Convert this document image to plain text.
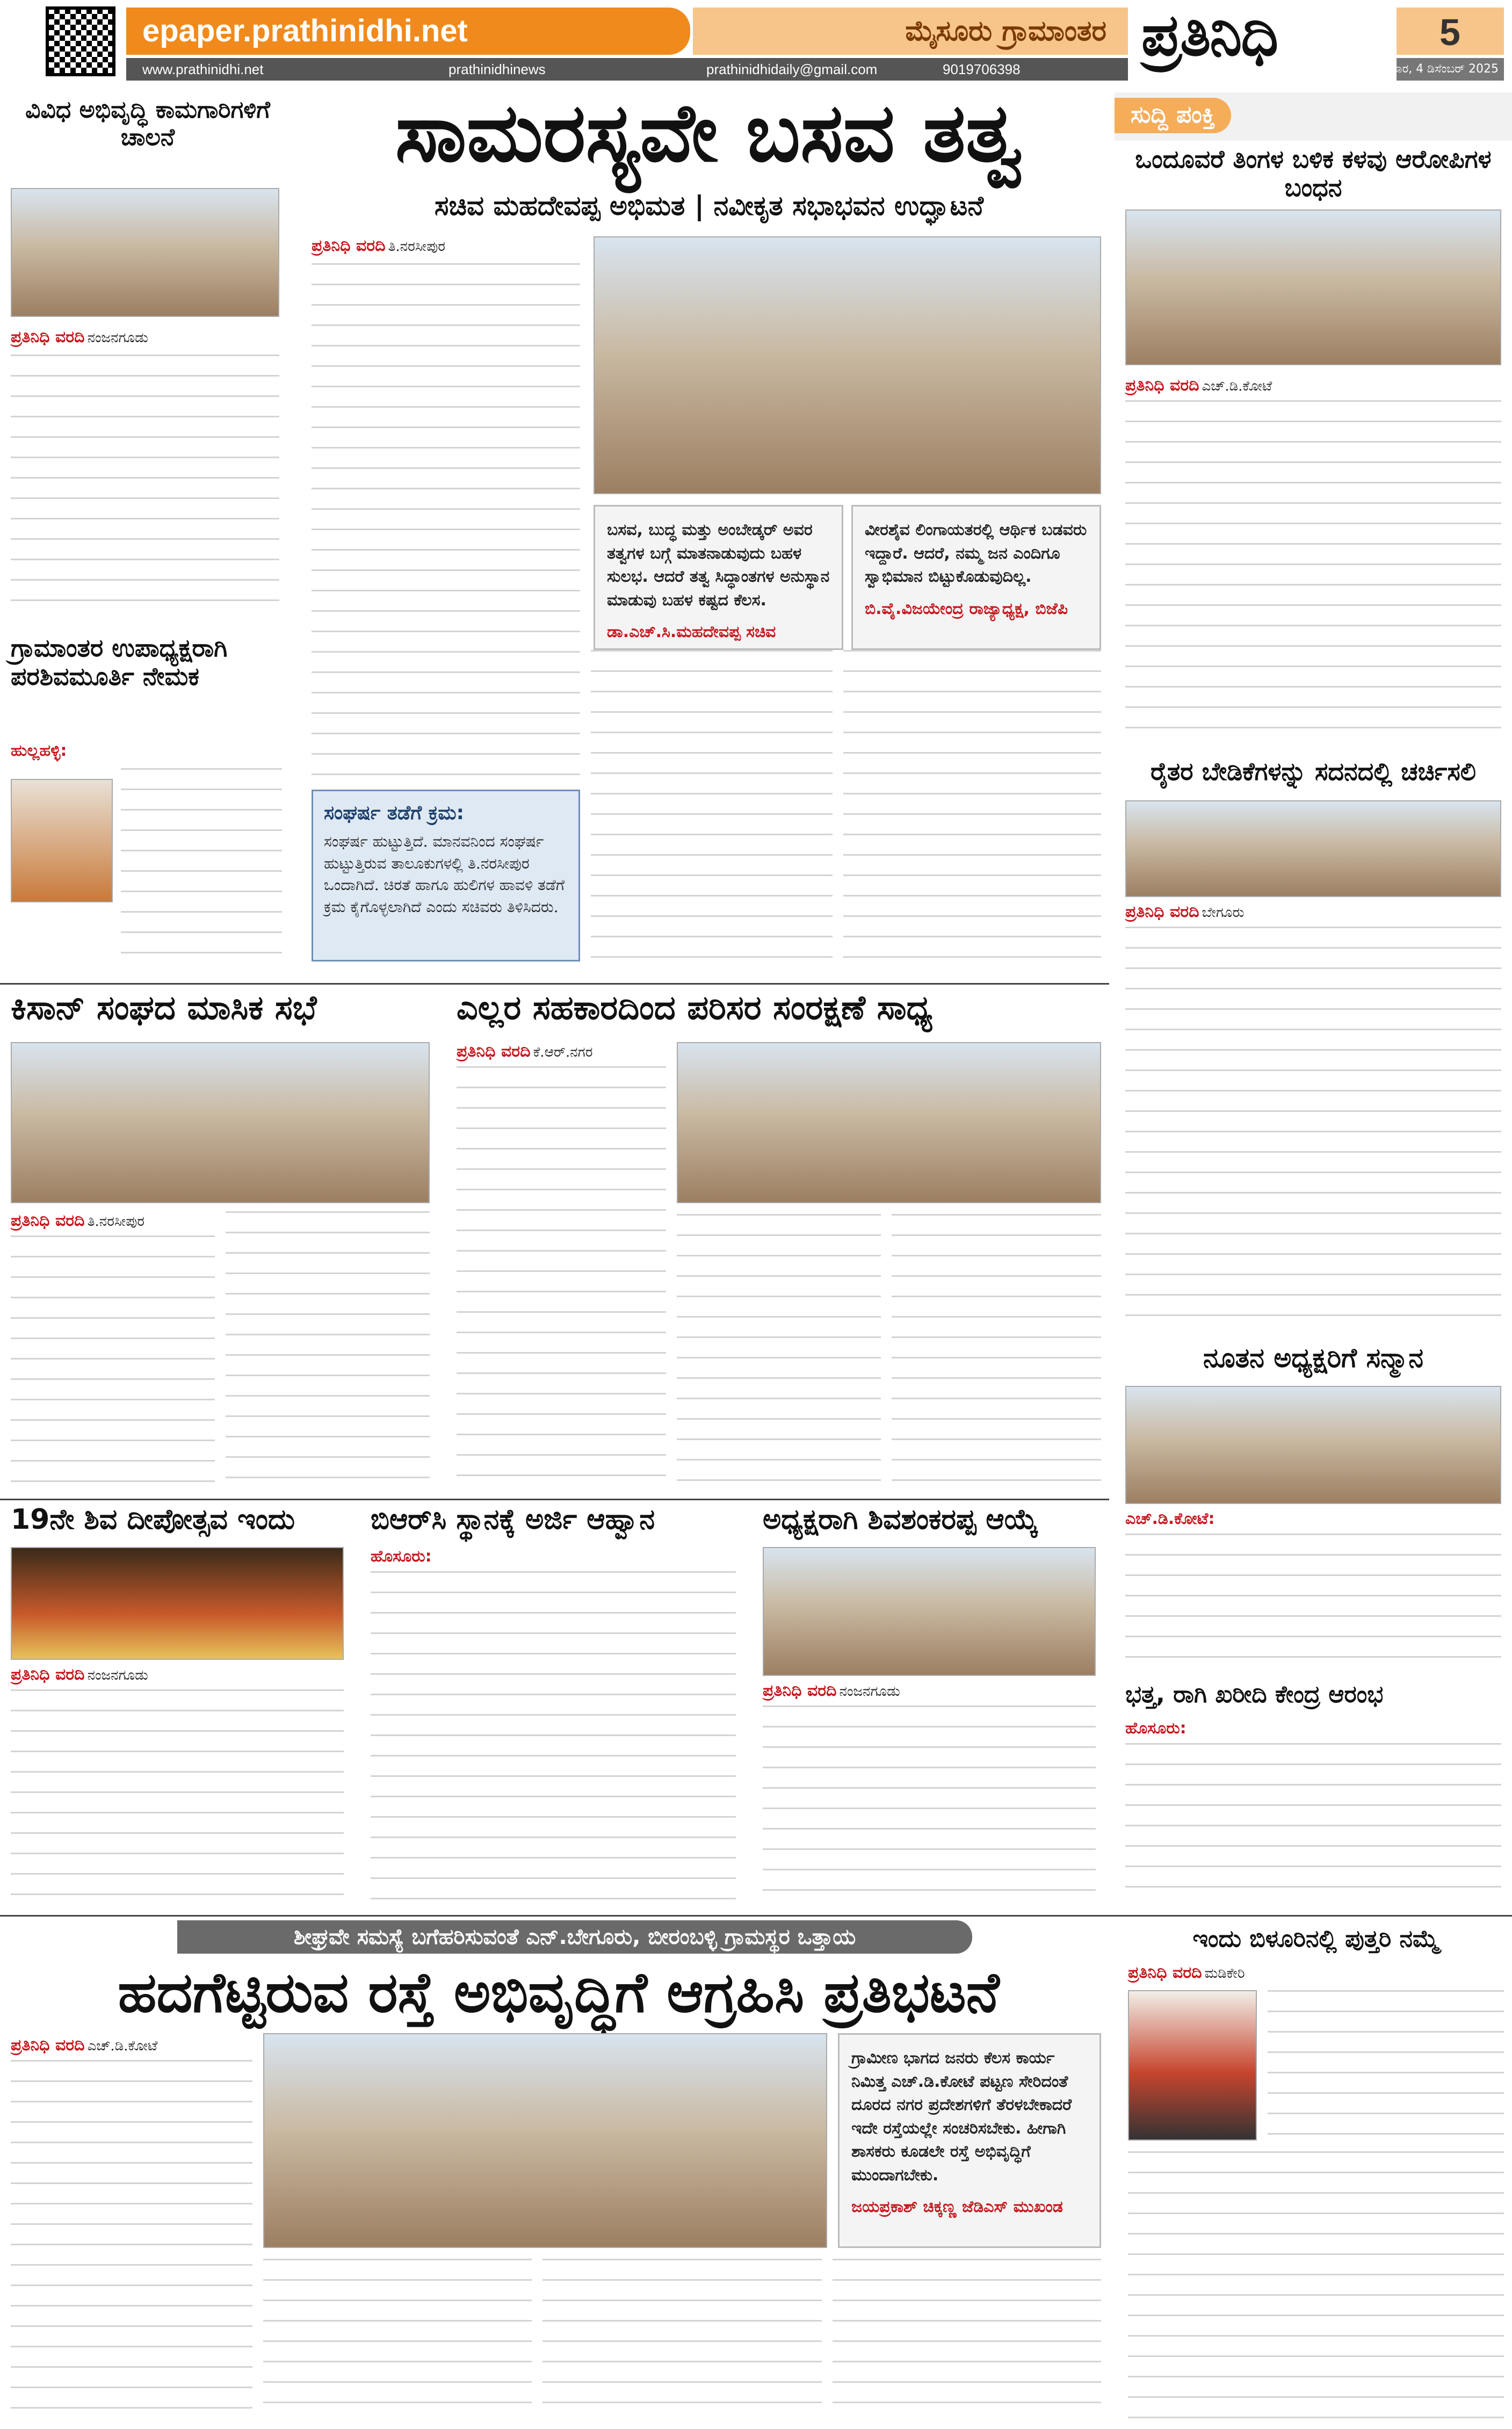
epaper.prathinidhi.net	ಮೈಸೂರು ಗ್ರಾಮಾಂತರ ಪ್ರತಿನಿಧಿ	5
www.prathinidhi.net	prathinidhinews	prathinidhidaily@gmail.com	9019706398	ಗುರುವಾರ, 4 ಡಿಸೆಂಬರ್ 2025
ವಿವಿಧ ಅಭಿವೃದ್ಧಿ ಕಾಮಗಾರಿಗಳಿಗೆ ಚಾಲನೆ
ಪ್ರತಿನಿಧಿ ವರದಿ ನಂಜನಗೂಡು
ಗ್ರಾಮಾಂತರ ಉಪಾಧ್ಯಕ್ಷರಾಗಿ ಪರಶಿವಮೂರ್ತಿ ನೇಮಕ
ಹುಲ್ಲಹಳ್ಳಿ:
ಸಾಮರಸ್ಯವೇ ಬಸವ ತತ್ವ
ಸಚಿವ ಮಹದೇವಪ್ಪ ಅಭಿಮತ | ನವೀಕೃತ ಸಭಾಭವನ ಉದ್ಘಾಟನೆ
ಪ್ರತಿನಿಧಿ ವರದಿ ತಿ.ನರಸೀಪುರ
ಬಸವ, ಬುದ್ಧ ಮತ್ತು ಅಂಬೇಡ್ಕರ್ ಅವರ ತತ್ವಗಳ ಬಗ್ಗೆ ಮಾತನಾಡುವುದು ಬಹಳ ಸುಲಭ. ಆದರೆ ತತ್ವ ಸಿದ್ಧಾಂತಗಳ ಅನುಸ್ಥಾನ ಮಾಡುವು ಬಹಳ ಕಷ್ಟದ ಕೆಲಸ.
ಡಾ.ಎಚ್.ಸಿ.ಮಹದೇವಪ್ಪ ಸಚಿವ
ವೀರಶೈವ ಲಿಂಗಾಯತರಲ್ಲಿ ಆರ್ಥಿಕ ಬಡವರು ಇದ್ದಾರೆ. ಆದರೆ, ನಮ್ಮ ಜನ ಎಂದಿಗೂ ಸ್ವಾಭಿಮಾನ ಬಿಟ್ಟುಕೊಡುವುದಿಲ್ಲ.
ಬಿ.ವೈ.ವಿಜಯೇಂದ್ರ ರಾಜ್ಯಾಧ್ಯಕ್ಷ, ಬಿಜೆಪಿ
ಸಂಘರ್ಷ ತಡೆಗೆ ಕ್ರಮ:
ಸಂಘರ್ಷ ಹುಟ್ಟುತ್ತಿದೆ. ಮಾನವನಿಂದ ಸಂಘರ್ಷ ಹುಟ್ಟುತ್ತಿರುವ ತಾಲೂಕುಗಳಲ್ಲಿ ತಿ.ನರಸೀಪುರ ಒಂದಾಗಿದೆ. ಚಿರತೆ ಹಾಗೂ ಹುಲಿಗಳ ಹಾವಳಿ ತಡೆಗೆ ಕ್ರಮ ಕೈಗೊಳ್ಳಲಾಗಿದೆ ಎಂದು ಸಚಿವರು ತಿಳಿಸಿದರು.
ಸುದ್ದಿ ಪಂಕ್ತಿ
ಒಂದೂವರೆ ತಿಂಗಳ ಬಳಿಕ ಕಳವು ಆರೋಪಿಗಳ ಬಂಧನ
ಪ್ರತಿನಿಧಿ ವರದಿ ಎಚ್.ಡಿ.ಕೋಟೆ
ರೈತರ ಬೇಡಿಕೆಗಳನ್ನು ಸದನದಲ್ಲಿ ಚರ್ಚಿಸಲಿ
ಪ್ರತಿನಿಧಿ ವರದಿ ಬೇಗೂರು
ನೂತನ ಅಧ್ಯಕ್ಷರಿಗೆ ಸನ್ಮಾನ
ಎಚ್.ಡಿ.ಕೋಟೆ:
ಭತ್ತ, ರಾಗಿ ಖರೀದಿ ಕೇಂದ್ರ ಆರಂಭ
ಹೊಸೂರು:
ಕಿಸಾನ್ ಸಂಘದ ಮಾಸಿಕ ಸಭೆ
ಪ್ರತಿನಿಧಿ ವರದಿ ತಿ.ನರಸೀಪುರ
ಎಲ್ಲರ ಸಹಕಾರದಿಂದ ಪರಿಸರ ಸಂರಕ್ಷಣೆ ಸಾಧ್ಯ
ಪ್ರತಿನಿಧಿ ವರದಿ ಕೆ.ಆರ್.ನಗರ
19ನೇ ಶಿವ ದೀಪೋತ್ಸವ ಇಂದು
ಪ್ರತಿನಿಧಿ ವರದಿ ನಂಜನಗೂಡು
ಬಿಆರ್‌ಸಿ ಸ್ಥಾನಕ್ಕೆ ಅರ್ಜಿ ಆಹ್ವಾನ
ಹೊಸೂರು:
ಅಧ್ಯಕ್ಷರಾಗಿ ಶಿವಶಂಕರಪ್ಪ ಆಯ್ಕೆ
ಪ್ರತಿನಿಧಿ ವರದಿ ನಂಜನಗೂಡು
ಶೀಘ್ರವೇ ಸಮಸ್ಯೆ ಬಗೆಹರಿಸುವಂತೆ ಎನ್.ಬೇಗೂರು, ಬೀರಂಬಳ್ಳಿ ಗ್ರಾಮಸ್ಥರ ಒತ್ತಾಯ
ಹದಗೆಟ್ಟಿರುವ ರಸ್ತೆ ಅಭಿವೃದ್ಧಿಗೆ ಆಗ್ರಹಿಸಿ ಪ್ರತಿಭಟನೆ
ಪ್ರತಿನಿಧಿ ವರದಿ ಎಚ್.ಡಿ.ಕೋಟೆ
ಗ್ರಾಮೀಣ ಭಾಗದ ಜನರು ಕೆಲಸ ಕಾರ್ಯ ನಿಮಿತ್ತ ಎಚ್.ಡಿ.ಕೋಟೆ ಪಟ್ಟಣ ಸೇರಿದಂತೆ ದೂರದ ನಗರ ಪ್ರದೇಶಗಳಿಗೆ ತೆರಳಬೇಕಾದರೆ ಇದೇ ರಸ್ತೆಯಲ್ಲೇ ಸಂಚರಿಸಬೇಕು. ಹೀಗಾಗಿ ಶಾಸಕರು ಕೂಡಲೇ ರಸ್ತೆ ಅಭಿವೃದ್ಧಿಗೆ ಮುಂದಾಗಬೇಕು.
ಜಯಪ್ರಕಾಶ್ ಚಿಕ್ಕಣ್ಣ ಜೆಡಿಎಸ್ ಮುಖಂಡ
ಇಂದು ಬಿಳೂರಿನಲ್ಲಿ ಪುತ್ತರಿ ನಮ್ಮೆ
ಪ್ರತಿನಿಧಿ ವರದಿ ಮಡಿಕೇರಿ
